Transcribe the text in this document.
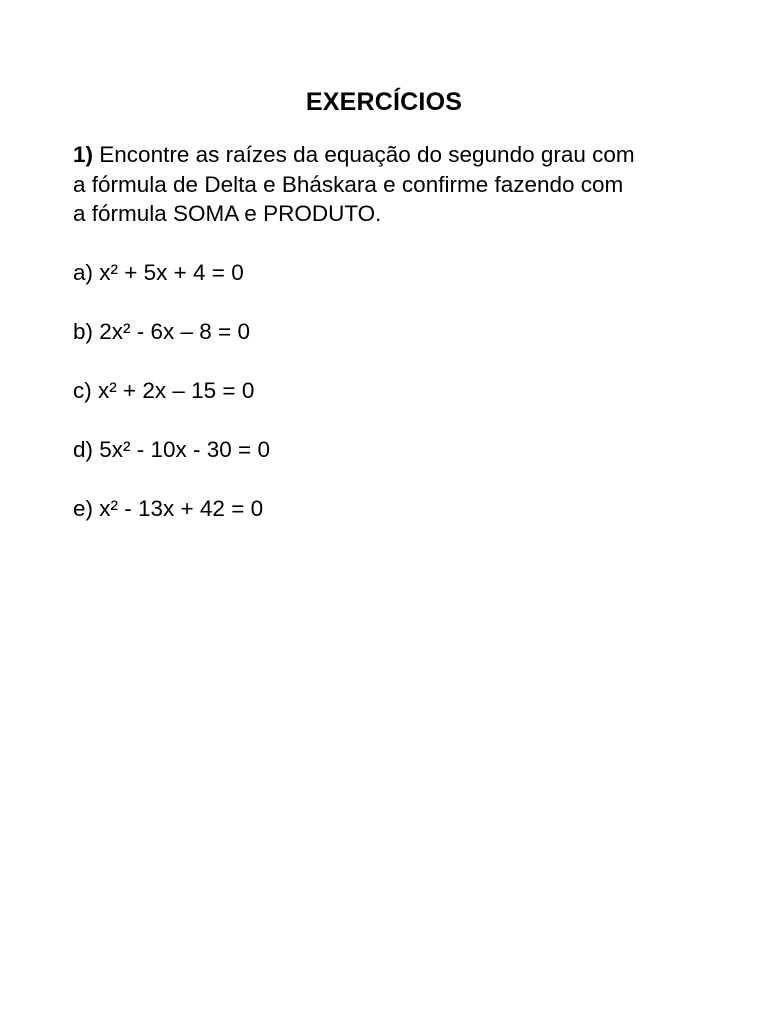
EXERCÍCIOS

1) Encontre as raízes da equação do segundo grau com
a fórmula de Delta e Bháskara e confirme fazendo com
a fórmula SOMA e PRODUTO.

a) x² + 5x + 4 = 0
b) 2x² - 6x – 8 = 0
c) x² + 2x – 15 = 0
d) 5x² - 10x - 30 = 0
e) x² - 13x + 42 = 0
